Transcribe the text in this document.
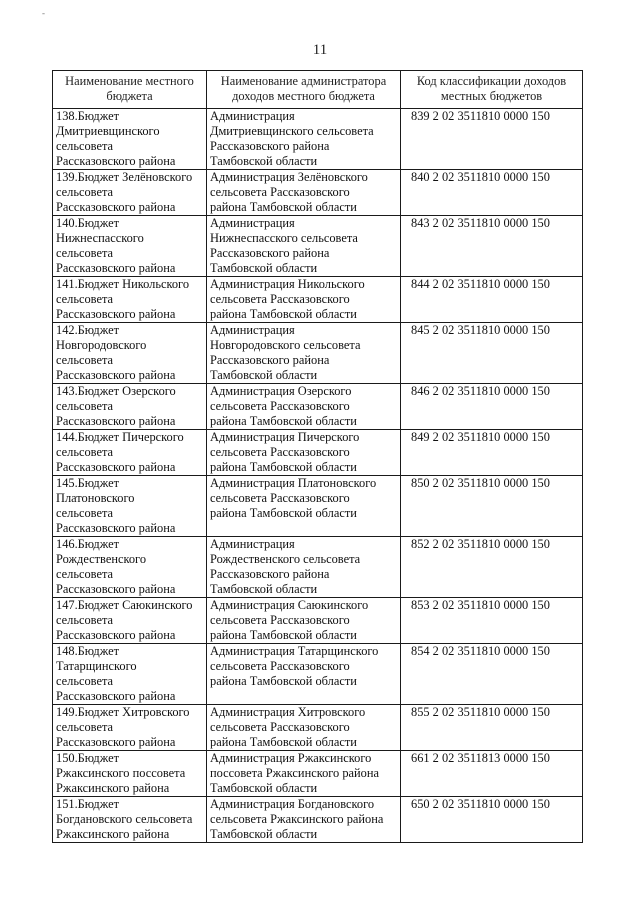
-
11
Наименование местного бюджета	Наименование администратора доходов местного бюджета	Код классификации доходов местных бюджетов

138.Бюджет
Дмитриевщинского
сельсовета
Рассказовского района	Администрация
Дмитриевщинского сельсовета
Рассказовского района
Тамбовской области	839 2 02 3511810 0000 150

139.Бюджет Зелёновского
сельсовета
Рассказовского района	Администрация Зелёновского
сельсовета Рассказовского
района Тамбовской области	840 2 02 3511810 0000 150

140.Бюджет
Нижнеспасского
сельсовета
Рассказовского района	Администрация
Нижнеспасского сельсовета
Рассказовского района
Тамбовской области	843 2 02 3511810 0000 150

141.Бюджет Никольского
сельсовета
Рассказовского района	Администрация Никольского
сельсовета Рассказовского
района Тамбовской области	844 2 02 3511810 0000 150

142.Бюджет
Новгородовского
сельсовета
Рассказовского района	Администрация
Новгородовского сельсовета
Рассказовского района
Тамбовской области	845 2 02 3511810 0000 150

143.Бюджет Озерского
сельсовета
Рассказовского района	Администрация Озерского
сельсовета Рассказовского
района Тамбовской области	846 2 02 3511810 0000 150

144.Бюджет Пичерского
сельсовета
Рассказовского района	Администрация Пичерского
сельсовета Рассказовского
района Тамбовской области	849 2 02 3511810 0000 150

145.Бюджет
Платоновского
сельсовета
Рассказовского района	Администрация Платоновского
сельсовета Рассказовского
района Тамбовской области	850 2 02 3511810 0000 150

146.Бюджет
Рождественского
сельсовета
Рассказовского района	Администрация
Рождественского сельсовета
Рассказовского района
Тамбовской области	852 2 02 3511810 0000 150

147.Бюджет Саюкинского
сельсовета
Рассказовского района	Администрация Саюкинского
сельсовета Рассказовского
района Тамбовской области	853 2 02 3511810 0000 150

148.Бюджет
Татарщинского
сельсовета
Рассказовского района	Администрация Татарщинского
сельсовета Рассказовского
района Тамбовской области	854 2 02 3511810 0000 150

149.Бюджет Хитровского
сельсовета
Рассказовского района	Администрация Хитровского
сельсовета Рассказовского
района Тамбовской области	855 2 02 3511810 0000 150

150.Бюджет
Ржаксинского поссовета
Ржаксинского района	Администрация Ржаксинского
поссовета Ржаксинского района
Тамбовской области	661 2 02 3511813 0000 150

151.Бюджет
Богдановского сельсовета
Ржаксинского района	Администрация Богдановского
сельсовета Ржаксинского района
Тамбовской области	650 2 02 3511810 0000 150
